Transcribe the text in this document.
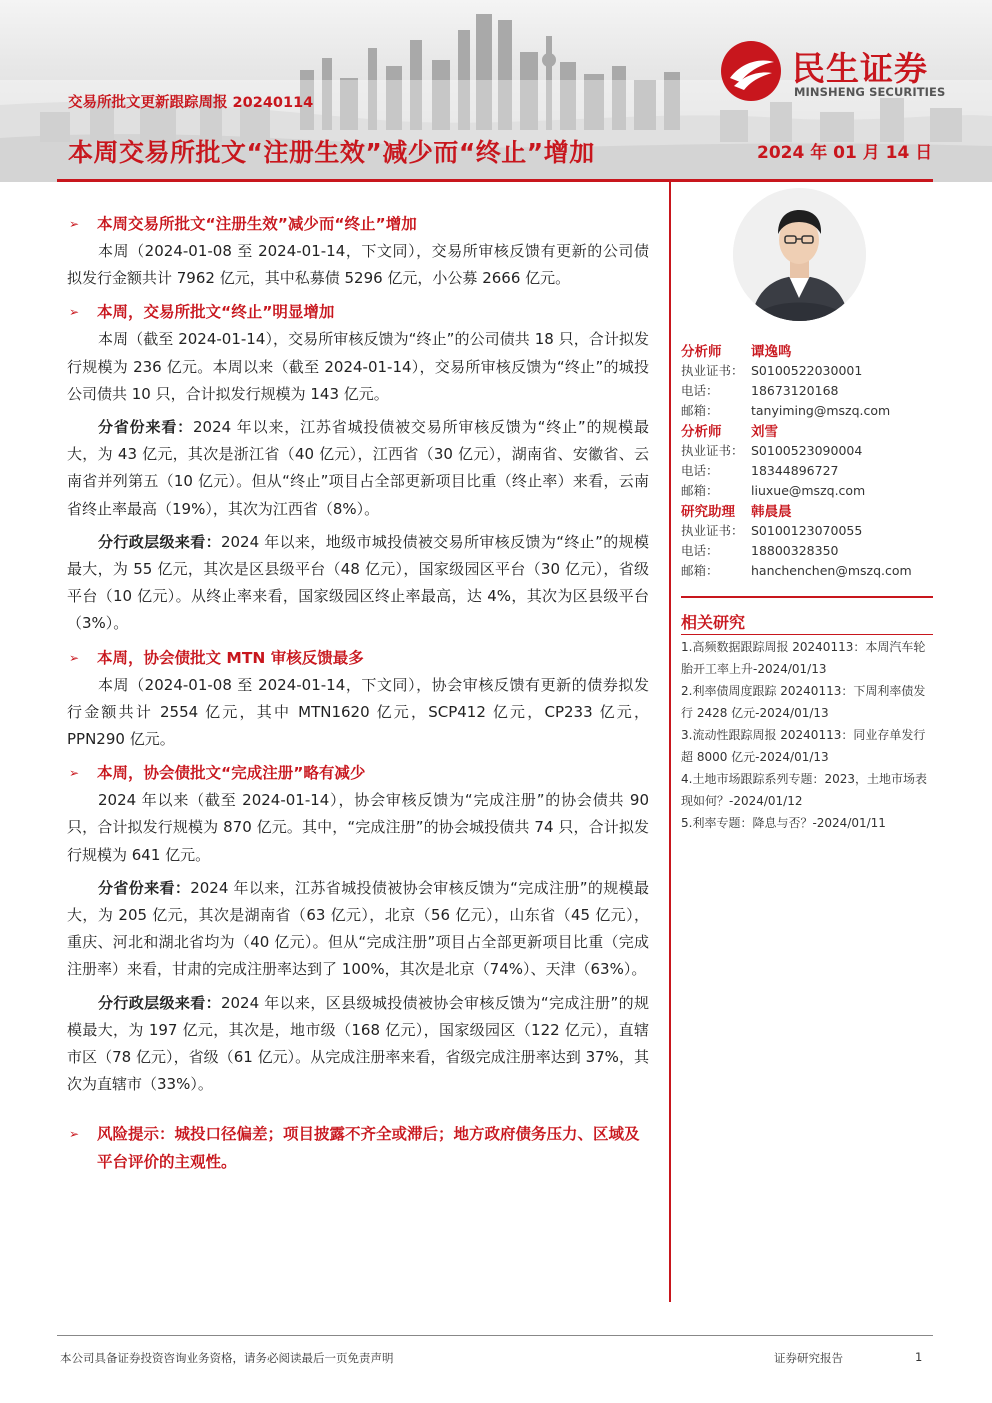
民生证券
MINSHENG SECURITIES
交易所批文更新跟踪周报 20240114
本周交易所批文“注册生效”减少而“终止”增加	2024 年 01 月 14 日
➢	本周交易所批文“注册生效”减少而“终止”增加

本周（2024-01-08 至 2024-01-14，下文同），交易所审核反馈有更新的公司债拟发行金额共计 7962 亿元，其中私募债 5296 亿元，小公募 2666 亿元。

➢	本周，交易所批文“终止”明显增加

本周（截至 2024-01-14），交易所审核反馈为“终止”的公司债共 18 只，合计拟发行规模为 236 亿元。本周以来（截至 2024-01-14），交易所审核反馈为“终止”的城投公司债共 10 只，合计拟发行规模为 143 亿元。

分省份来看：2024 年以来，江苏省城投债被交易所审核反馈为“终止”的规模最大，为 43 亿元，其次是浙江省（40 亿元），江西省（30 亿元），湖南省、安徽省、云南省并列第五（10 亿元）。但从“终止”项目占全部更新项目比重（终止率）来看，云南省终止率最高（19%），其次为江西省（8%）。

分行政层级来看：2024 年以来，地级市城投债被交易所审核反馈为“终止”的规模最大，为 55 亿元，其次是区县级平台（48 亿元），国家级园区平台（30 亿元），省级平台（10 亿元）。从终止率来看，国家级园区终止率最高，达 4%，其次为区县级平台（3%）。

➢	本周，协会债批文 MTN 审核反馈最多

本周（2024-01-08 至 2024-01-14，下文同），协会审核反馈有更新的债券拟发行金额共计 2554 亿元，其中 MTN1620 亿元，SCP412 亿元，CP233 亿元，PPN290 亿元。

➢	本周，协会债批文“完成注册”略有减少

2024 年以来（截至 2024-01-14），协会审核反馈为“完成注册”的协会债共 90 只，合计拟发行规模为 870 亿元。其中，“完成注册”的协会城投债共 74 只，合计拟发行规模为 641 亿元。

分省份来看：2024 年以来，江苏省城投债被协会审核反馈为“完成注册”的规模最大，为 205 亿元，其次是湖南省（63 亿元），北京（56 亿元），山东省（45 亿元），重庆、河北和湖北省均为（40 亿元）。但从“完成注册”项目占全部更新项目比重（完成注册率）来看，甘肃的完成注册率达到了 100%，其次是北京（74%）、天津（63%）。

分行政层级来看：2024 年以来，区县级城投债被协会审核反馈为“完成注册”的规模最大，为 197 亿元，其次是，地市级（168 亿元），国家级园区（122 亿元），直辖市区（78 亿元），省级（61 亿元）。从完成注册率来看，省级完成注册率达到 37%，其次为直辖市（33%）。

➢	风险提示：城投口径偏差；项目披露不齐全或滞后；地方政府债务压力、区域及平台评价的主观性。
分析师	谭逸鸣
执业证书： S0100522030001
电话：	18673120168
邮箱：	tanyiming@mszq.com
分析师	刘雪
执业证书： S0100523090004
电话：	18344896727
邮箱：	liuxue@mszq.com
研究助理	韩晨晨
执业证书： S0100123070055
电话：	18800328350
邮箱：	hanchenchen@mszq.com
相关研究
1.高频数据跟踪周报 20240113：本周汽车轮
胎开工率上升-2024/01/13
2.利率债周度跟踪 20240113：下周利率债发
行 2428 亿元-2024/01/13
3.流动性跟踪周报 20240113：同业存单发行
超 8000 亿元-2024/01/13
4.土地市场跟踪系列专题：2023，土地市场表
现如何？-2024/01/12
5.利率专题：降息与否？-2024/01/11
本公司具备证券投资咨询业务资格，请务必阅读最后一页免责声明	证券研究报告	1
